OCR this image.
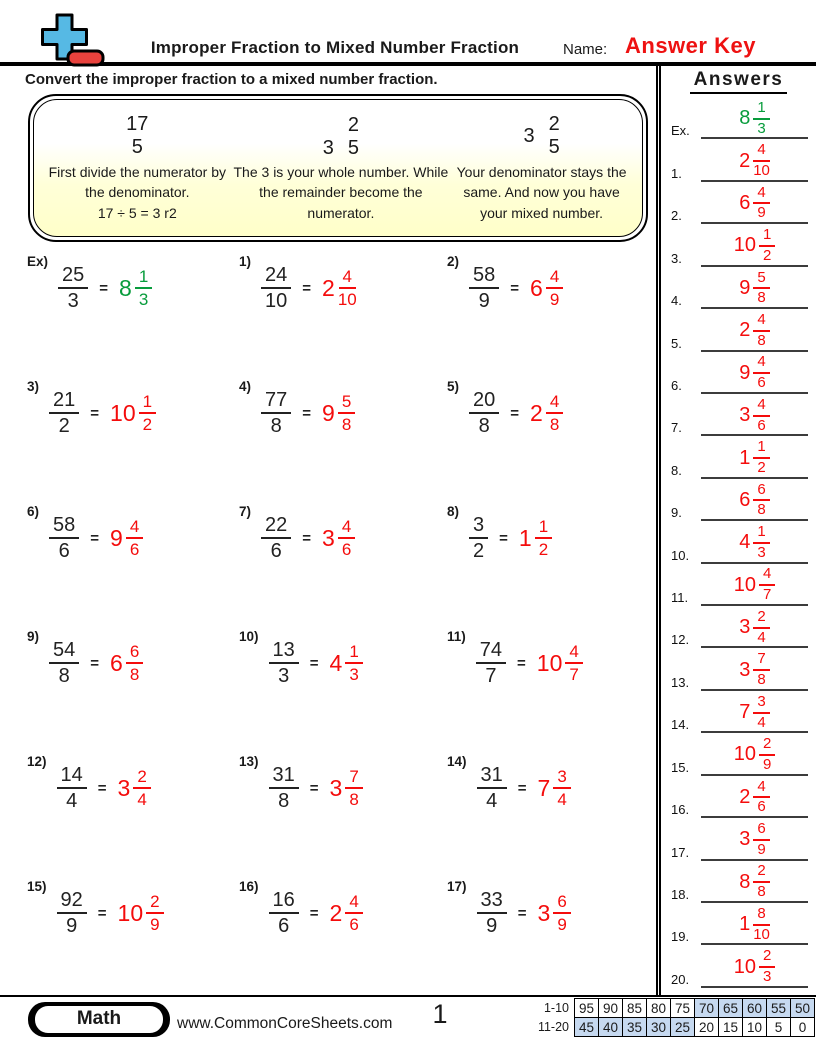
Improper Fraction to Mixed Number Fraction	Name: Answer Key
Convert the improper fraction to a mixed number fraction.
17
5
First divide the numerator by the denominator.
17 ÷ 5 = 3 r2
3
2
5
The 3 is your whole number. While the remainder become the numerator.
3
2
5
Your denominator stays the same. And now you have your mixed number.
Ex)
$\frac{25}{3} = 8 \frac{1}{3}$
1)
$\frac{24}{10} = 2 \frac{4}{10}$
2)
$\frac{58}{9} = 6 \frac{4}{9}$
3)
$\frac{21}{2} = 10 \frac{1}{2}$
4)
$\frac{77}{8} = 9 \frac{5}{8}$
5)
$\frac{20}{8} = 2 \frac{4}{8}$
6)
$\frac{58}{6} = 9 \frac{4}{6}$
7)
$\frac{22}{6} = 3 \frac{4}{6}$
8)
$\frac{3}{2} = 1 \frac{1}{2}$
9)
$\frac{54}{8} = 6 \frac{6}{8}$
10)
$\frac{13}{3} = 4 \frac{1}{3}$
11)
$\frac{74}{7} = 10 \frac{4}{7}$
12)
$\frac{14}{4} = 3 \frac{2}{4}$
13)
$\frac{31}{8} = 3 \frac{7}{8}$
14)
$\frac{31}{4} = 7 \frac{3}{4}$
15)
$\frac{92}{9} = 10 \frac{2}{9}$
16)
$\frac{16}{6} = 2 \frac{4}{6}$
17)
$\frac{33}{9} = 3 \frac{6}{9}$
Answers
Ex.
$8 \frac{1}{3}$
1.
$2 \frac{4}{10}$
2.
$6 \frac{4}{9}$
3.
$10 \frac{1}{2}$
4.
$9 \frac{5}{8}$
5.
$2 \frac{4}{8}$
6.
$9 \frac{4}{6}$
7.
$3 \frac{4}{6}$
8.
$1 \frac{1}{2}$
9.
$6 \frac{6}{8}$
10.
$4 \frac{1}{3}$
11.
$10 \frac{4}{7}$
12.
$3 \frac{2}{4}$
13.
$3 \frac{7}{8}$
14.
$7 \frac{3}{4}$
15.
$10 \frac{2}{9}$
16.
$2 \frac{4}{6}$
17.
$3 \frac{6}{9}$
18.
$8 \frac{2}{8}$
19.
$1 \frac{8}{10}$
20.
$10 \frac{2}{3}$
Math	www.CommonCoreSheets.com	1	1-10	95	90	85	80	75	70	65	60	55	50
11-20	45	40	35	30	25	20	15	10	5	0
